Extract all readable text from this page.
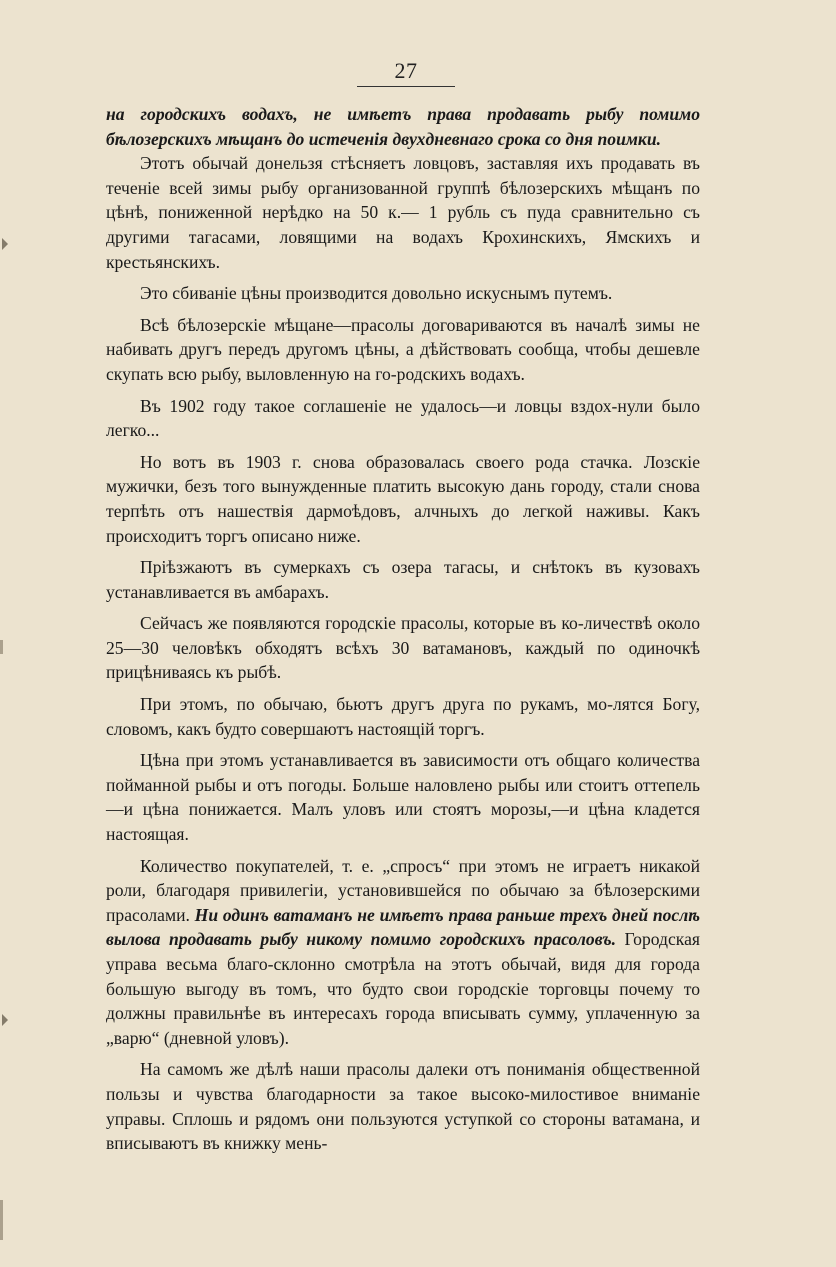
27

на городскихъ водахъ, не имѣетъ права продавать рыбу помимо бѣлозерскихъ мѣщанъ до истеченія двухдневнаго срока со дня поимки.

Этотъ обычай донельзя стѣсняетъ ловцовъ, заставляя ихъ продавать въ теченіе всей зимы рыбу организованной группѣ бѣлозерскихъ мѣщанъ по цѣнѣ, пониженной нерѣдко на 50 к.— 1 рубль съ пуда сравнительно съ другими тагасами, ловящими на водахъ Крохинскихъ, Ямскихъ и крестьянскихъ.

Это сбиваніе цѣны производится довольно искуснымъ путемъ.

Всѣ бѣлозерскіе мѣщане—прасолы договариваются въ началѣ зимы не набивать другъ передъ другомъ цѣны, а дѣйствовать сообща, чтобы дешевле скупать всю рыбу, выловленную на го-родскихъ водахъ.

Въ 1902 году такое соглашеніе не удалось—и ловцы вздох-нули было легко...

Но вотъ въ 1903 г. снова образовалась своего рода стачка. Лозскіе мужички, безъ того вынужденные платить высокую дань городу, стали снова терпѣть отъ нашествія дармоѣдовъ, алчныхъ до легкой наживы. Какъ происходитъ торгъ описано ниже.

Пріѣзжаютъ въ сумеркахъ съ озера тагасы, и снѣтокъ въ кузовахъ устанавливается въ амбарахъ.

Сейчасъ же появляются городскіе прасолы, которые въ ко-личествѣ около 25—30 человѣкъ обходятъ всѣхъ 30 ватамановъ, каждый по одиночкѣ прицѣниваясь къ рыбѣ.

При этомъ, по обычаю, бьютъ другъ друга по рукамъ, мо-лятся Богу, словомъ, какъ будто совершаютъ настоящій торгъ.

Цѣна при этомъ устанавливается въ зависимости отъ общаго количества пойманной рыбы и отъ погоды. Больше наловлено рыбы или стоитъ оттепель—и цѣна понижается. Малъ уловъ или стоятъ морозы,—и цѣна кладется настоящая.

Количество покупателей, т. е. „спросъ“ при этомъ не играетъ никакой роли, благодаря привилегіи, установившейся по обычаю за бѣлозерскими прасолами. Ни одинъ ватаманъ не имѣетъ права раньше трехъ дней послѣ вылова продавать рыбу никому помимо городскихъ прасоловъ. Городская управа весьма благо-склонно смотрѣла на этотъ обычай, видя для города большую выгоду въ томъ, что будто свои городскіе торговцы почему то должны правильнѣе въ интересахъ города вписывать сумму, уплаченную за „варю“ (дневной уловъ).

На самомъ же дѣлѣ наши прасолы далеки отъ пониманія общественной пользы и чувства благодарности за такое высоко-милостивое вниманіе управы. Сплошь и рядомъ они пользуются уступкой со стороны ватамана, и вписываютъ въ книжку мень-
